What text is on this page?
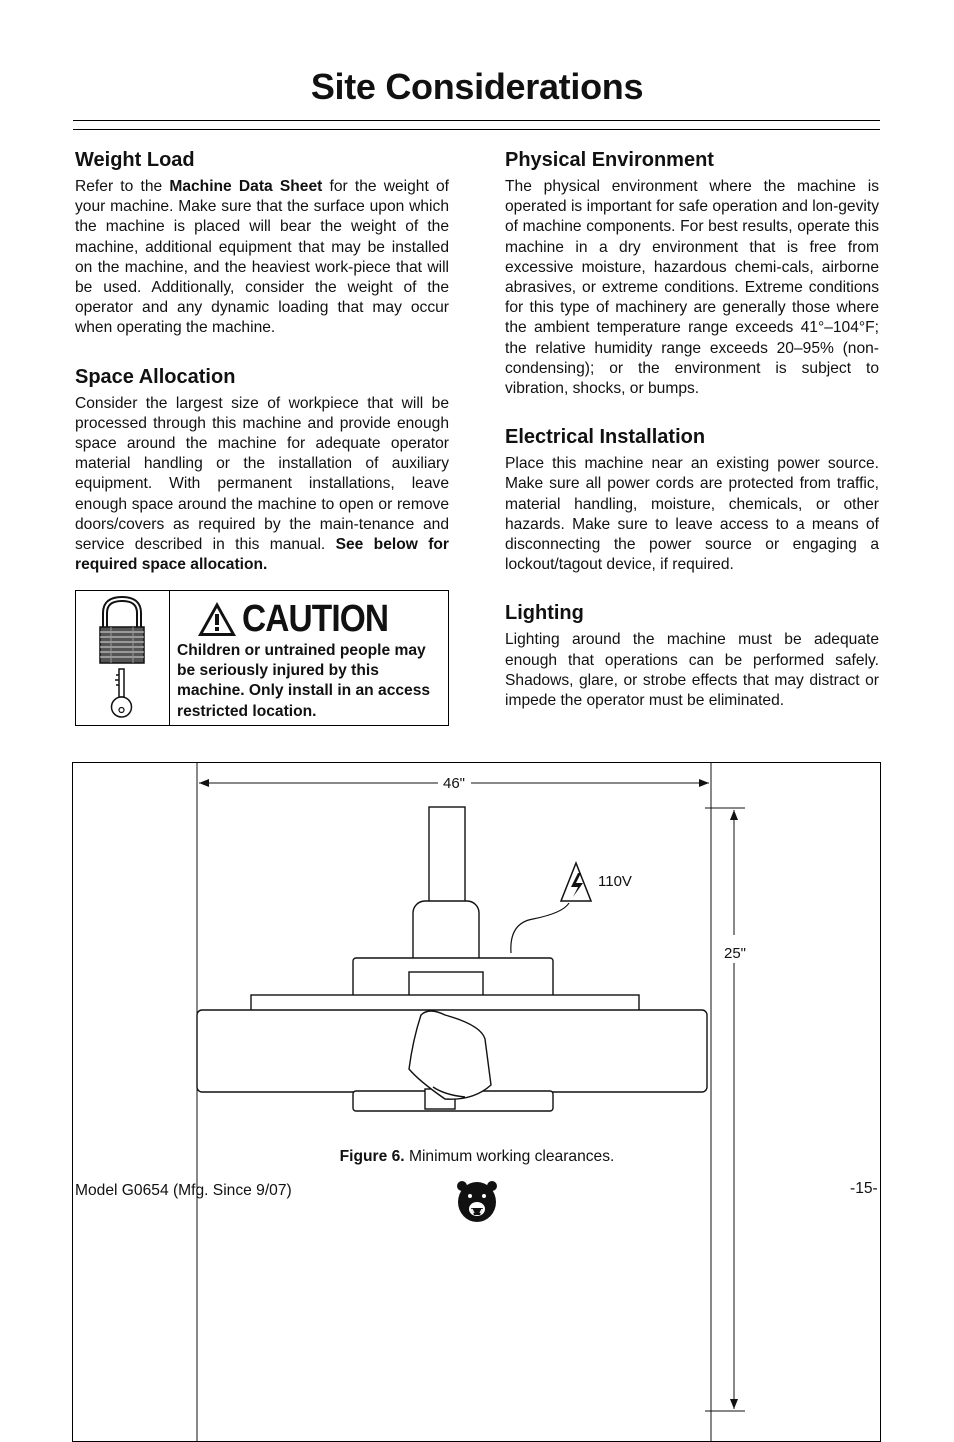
Site Considerations
Weight Load

Refer to the Machine Data Sheet for the weight of your machine. Make sure that the surface upon which the machine is placed will bear the weight of the machine, additional equipment that may be installed on the machine, and the heaviest work-piece that will be used. Additionally, consider the weight of the operator and any dynamic loading that may occur when operating the machine.

Space Allocation

Consider the largest size of workpiece that will be processed through this machine and provide enough space around the machine for adequate operator material handling or the installation of auxiliary equipment. With permanent installations, leave enough space around the machine to open or remove doors/covers as required by the main-tenance and service described in this manual. See below for required space allocation.

CAUTION
Children or untrained people may be seriously injured by this machine. Only install in an access restricted location.
Physical Environment

The physical environment where the machine is operated is important for safe operation and lon-gevity of machine components. For best results, operate this machine in a dry environment that is free from excessive moisture, hazardous chemi-cals, airborne abrasives, or extreme conditions. Extreme conditions for this type of machinery are generally those where the ambient temperature range exceeds 41°–104°F; the relative humidity range exceeds 20–95% (non-condensing); or the environment is subject to vibration, shocks, or bumps.

Electrical Installation

Place this machine near an existing power source. Make sure all power cords are protected from traffic, material handling, moisture, chemicals, or other hazards. Make sure to leave access to a means of disconnecting the power source or engaging a lockout/tagout device, if required.

Lighting

Lighting around the machine must be adequate enough that operations can be performed safely. Shadows, glare, or strobe effects that may distract or impede the operator must be eliminated.

46"
25"
110V
Figure 6. Minimum working clearances.
Model G0654 (Mfg. Since 9/07)	-15-
